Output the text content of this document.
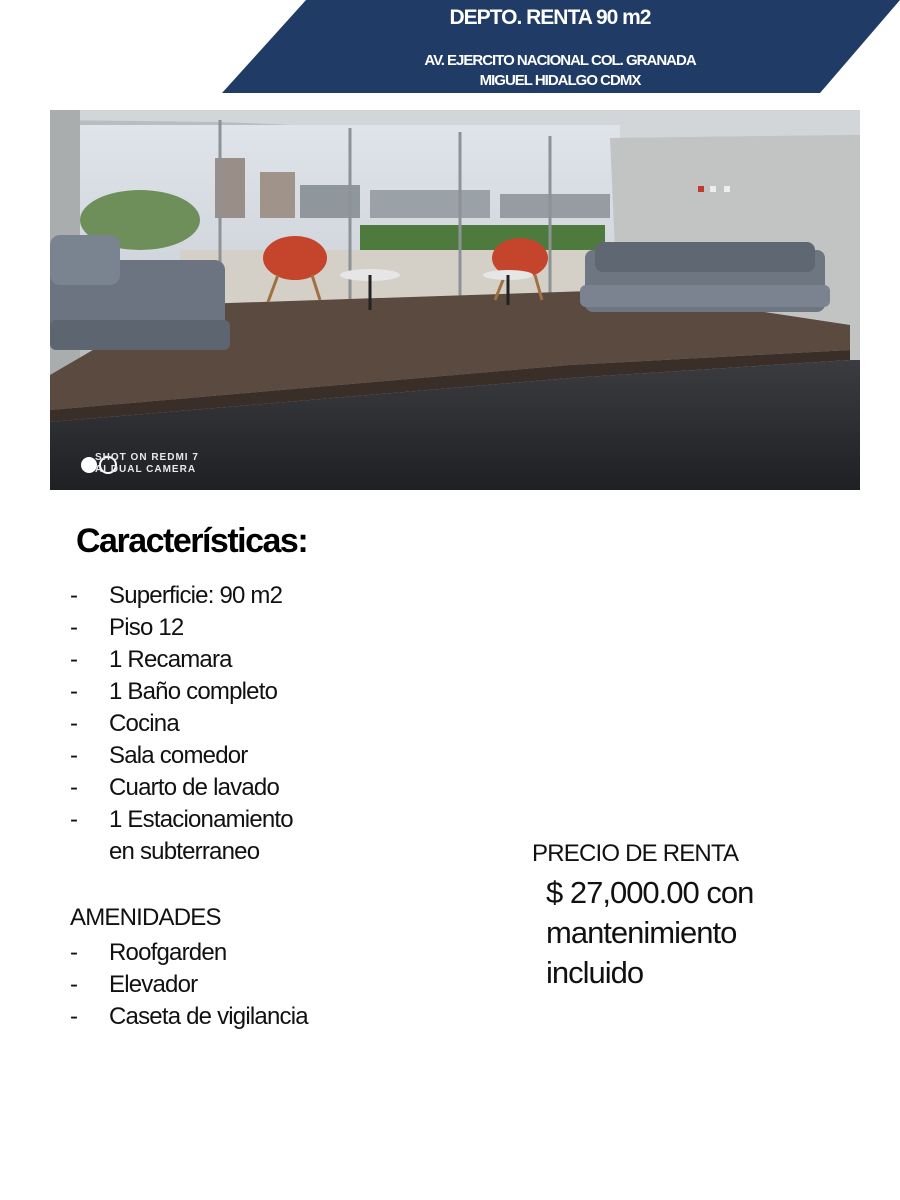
DEPTO. RENTA 90 m2
AV. EJERCITO NACIONAL COL. GRANADA
MIGUEL HIDALGO CDMX
SHOT ON REDMI 7
AI DUAL CAMERA
Características:
- Superficie: 90 m2
- Piso 12
- 1 Recamara
- 1 Baño completo
- Cocina
- Sala comedor
- Cuarto de lavado
- 1 Estacionamiento
en subterraneo
AMENIDADES
- Roofgarden
- Elevador
- Caseta de vigilancia
PRECIO DE RENTA
$ 27,000.00 con
mantenimiento
incluido
